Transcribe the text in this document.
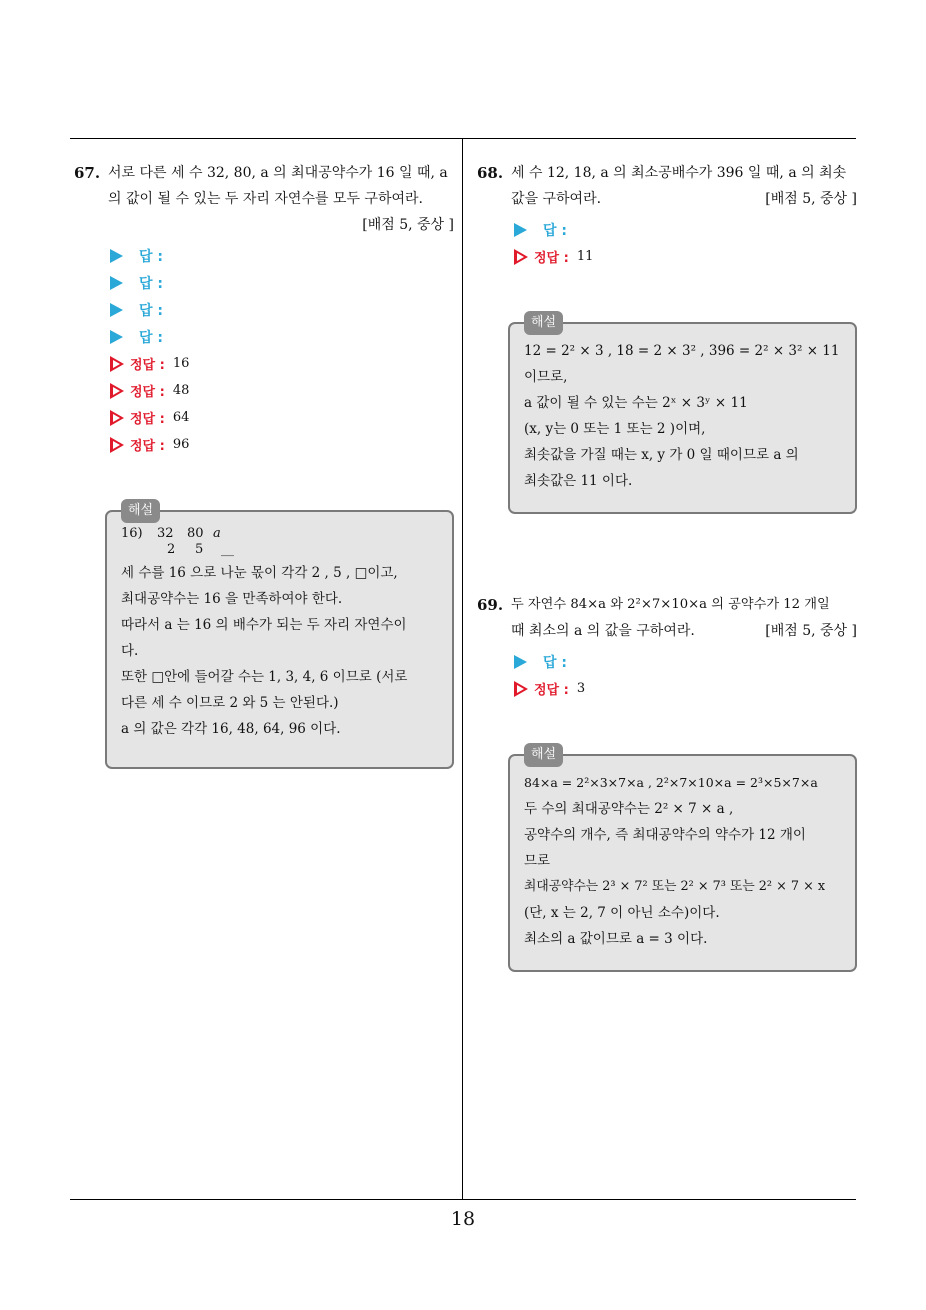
18
67. 서로 다른 세 수 32, 80, a 의 최대공약수가 16 일 때, a
의 값이 될 수 있는 두 자리 자연수를 모두 구하여라.
[배점 5, 중상 ]
답 :
답 :
답 :
답 :
정답 : 16
정답 : 48
정답 : 64
정답 : 96
해설
16)	32	80 a
2	5	__
세 수를 16 으로 나눈 몫이 각각 2 , 5 , □이고,
최대공약수는 16 을 만족하여야 한다.
따라서 a 는 16 의 배수가 되는 두 자리 자연수이
다.
또한 □안에 들어갈 수는 1, 3, 4, 6 이므로 (서로
다른 세 수 이므로 2 와 5 는 안된다.)
a 의 값은 각각 16, 48, 64, 96 이다.
68. 세 수 12, 18, a 의 최소공배수가 396 일 때, a 의 최솟
값을 구하여라.	[배점 5, 중상 ]
답 :
정답 : 11
해설
12 = 2² × 3 , 18 = 2 × 3² , 396 = 2² × 3² × 11
이므로,
a 값이 될 수 있는 수는 2ˣ × 3ʸ × 11
(x, y는 0 또는 1 또는 2 )이며,
최솟값을 가질 때는 x, y 가 0 일 때이므로 a 의
최솟값은 11 이다.
69. 두 자연수 84×a 와 2²×7×10×a 의 공약수가 12 개일
때 최소의 a 의 값을 구하여라.	[배점 5, 중상 ]
답 :
정답 : 3
해설
84×a = 2²×3×7×a , 2²×7×10×a = 2³×5×7×a
두 수의 최대공약수는 2² × 7 × a ,
공약수의 개수, 즉 최대공약수의 약수가 12 개이
므로
최대공약수는 2³ × 7² 또는 2² × 7³ 또는 2² × 7 × x
(단, x 는 2, 7 이 아닌 소수)이다.
최소의 a 값이므로 a = 3 이다.
